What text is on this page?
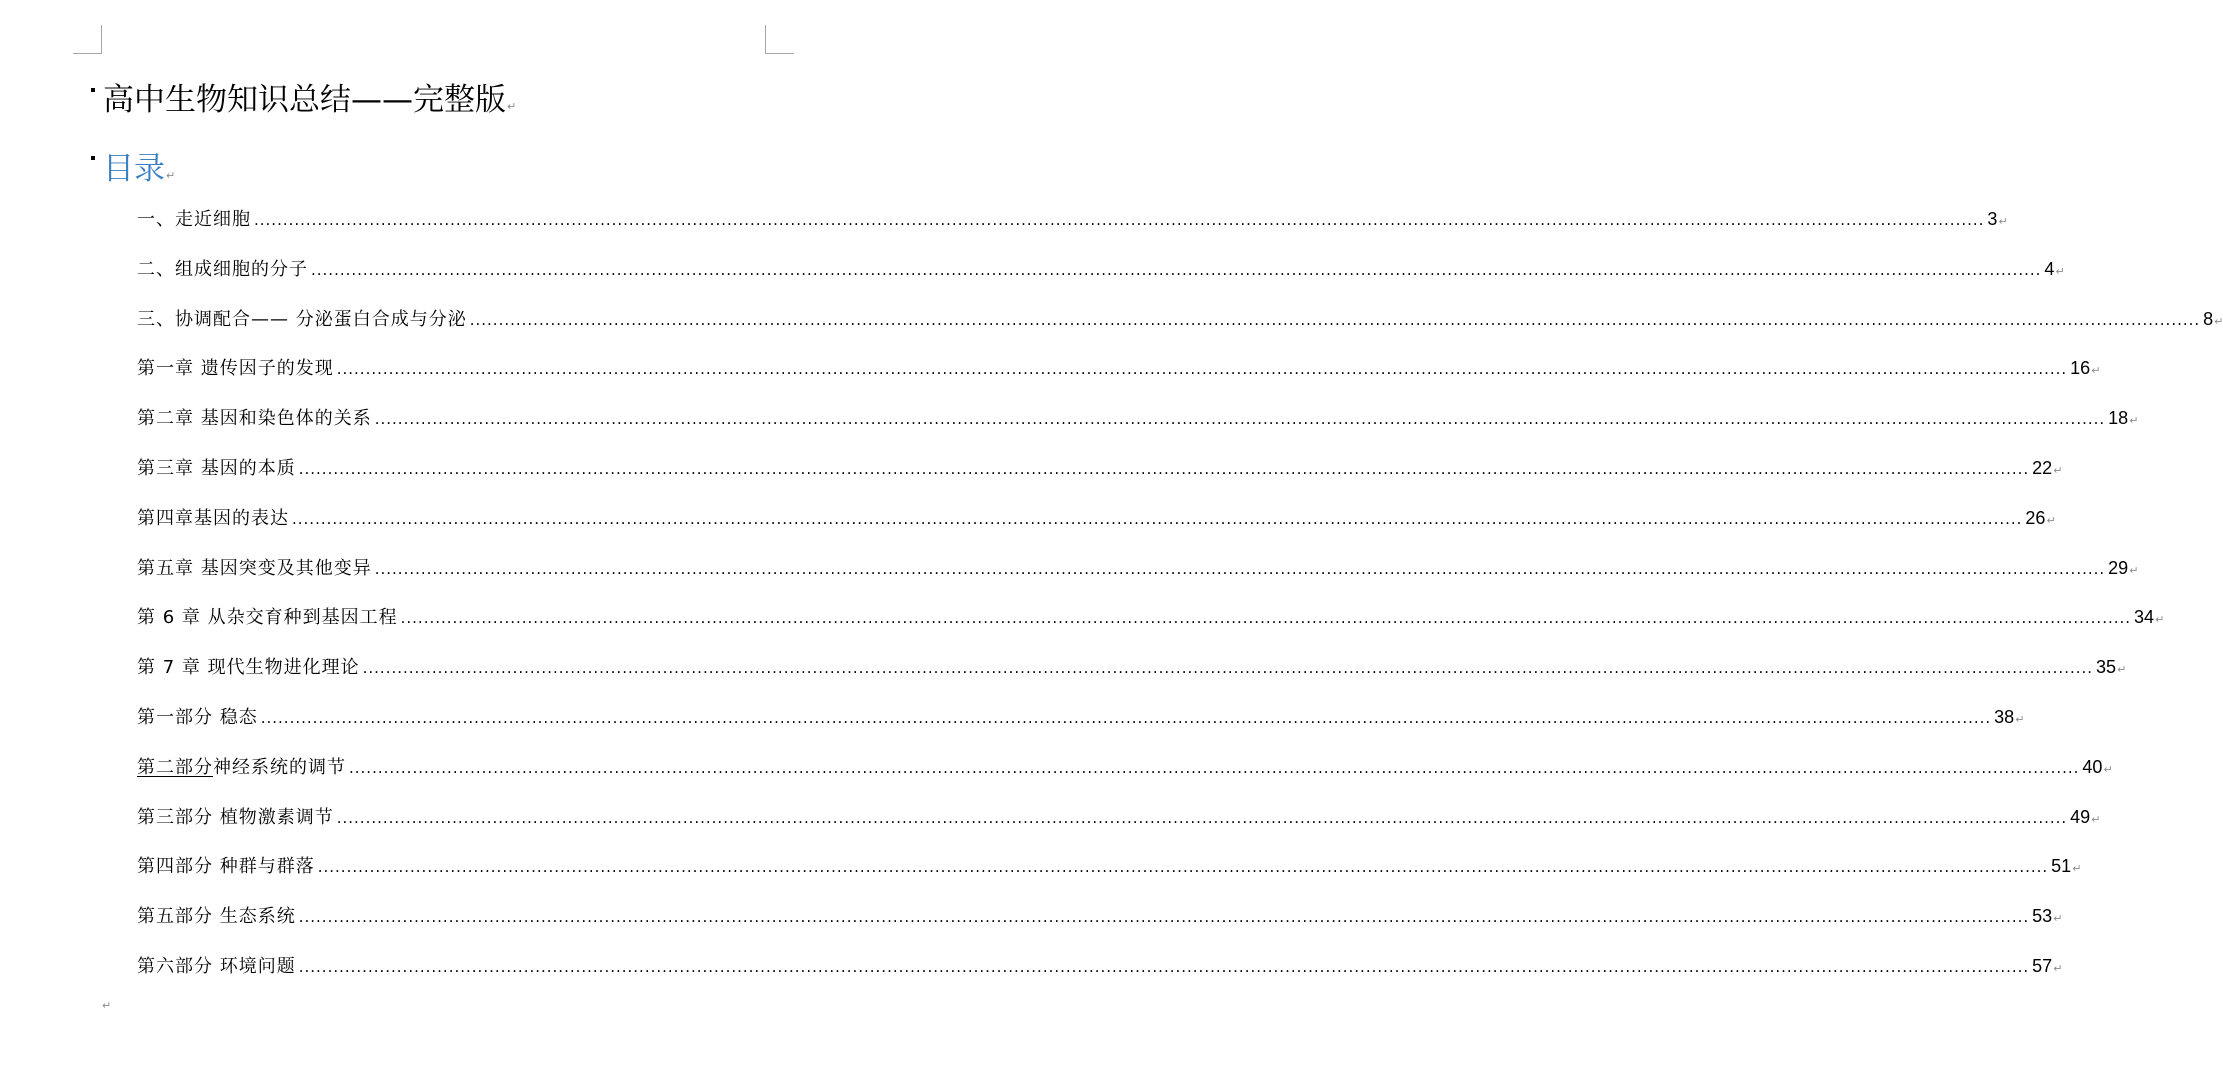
高中生物知识总结——完整版↵
目录↵
一、走近细胞 ............................................................................................................................................................................................................................................................................................................ 3 ↵
二、组成细胞的分子 ............................................................................................................................................................................................................................................................................................................ 4 ↵
三、协调配合—— 分泌蛋白合成与分泌 ............................................................................................................................................................................................................................................................................................................ 8 ↵
第一章 遗传因子的发现 ............................................................................................................................................................................................................................................................................................................ 16 ↵
第二章 基因和染色体的关系 ............................................................................................................................................................................................................................................................................................................ 18 ↵
第三章 基因的本质 ............................................................................................................................................................................................................................................................................................................ 22 ↵
第四章基因的表达 ............................................................................................................................................................................................................................................................................................................ 26 ↵
第五章 基因突变及其他变异 ............................................................................................................................................................................................................................................................................................................ 29 ↵
第 6 章 从杂交育种到基因工程 ............................................................................................................................................................................................................................................................................................................ 34 ↵
第 7 章 现代生物进化理论 ............................................................................................................................................................................................................................................................................................................ 35 ↵
第一部分 稳态 ............................................................................................................................................................................................................................................................................................................ 38 ↵
第二部分神经系统的调节 ............................................................................................................................................................................................................................................................................................................ 40 ↵
第三部分 植物激素调节 ............................................................................................................................................................................................................................................................................................................ 49 ↵
第四部分 种群与群落 ............................................................................................................................................................................................................................................................................................................ 51 ↵
第五部分 生态系统 ............................................................................................................................................................................................................................................................................................................ 53 ↵
第六部分 环境问题 ............................................................................................................................................................................................................................................................................................................ 57 ↵
↵
